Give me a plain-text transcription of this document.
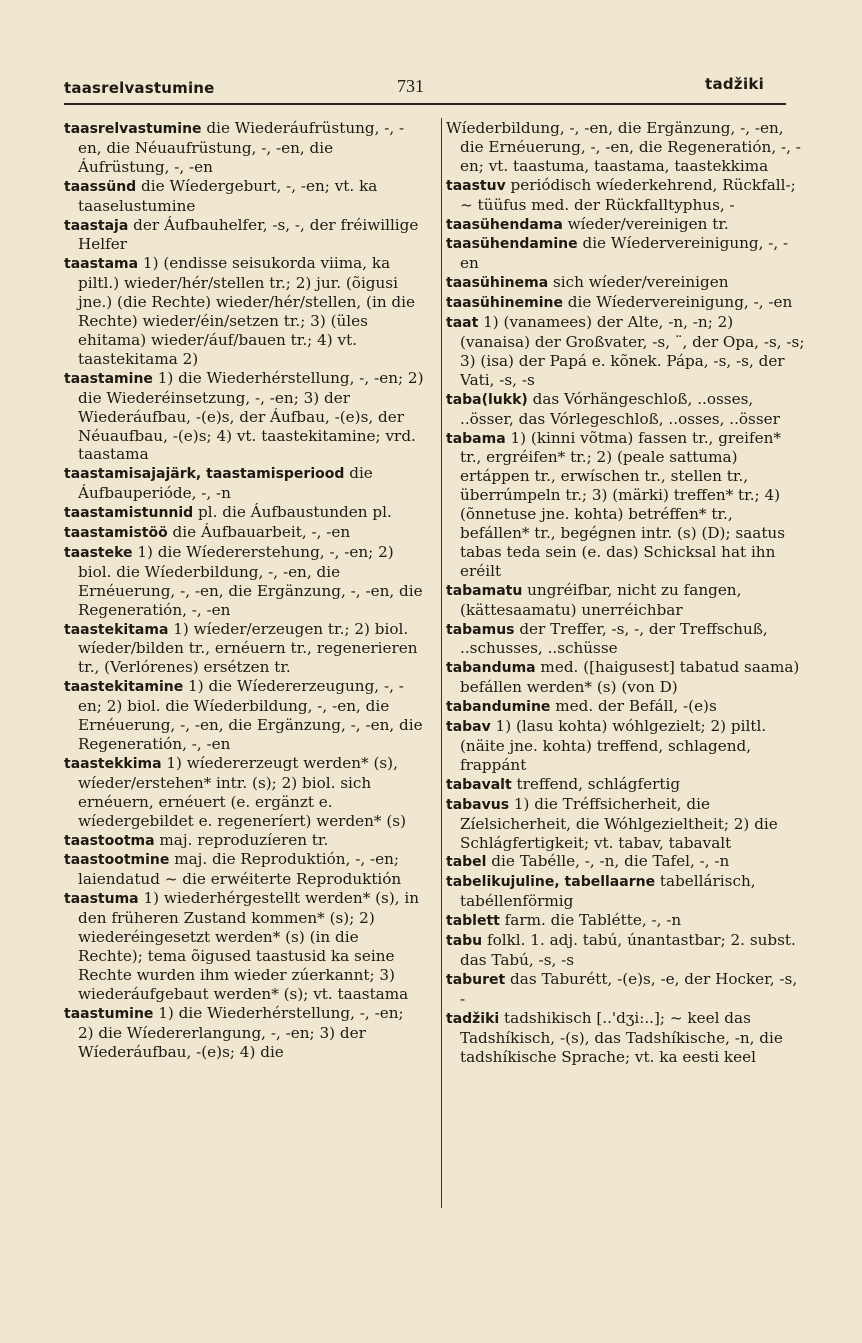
taasrelvastumine	731	tadžiki

taasrelvastumine die Wiederáufrüstung, -, -en, die Néuaufrüstung, -, -en, die Áufrüstung, -, -en

taassünd die Wíedergeburt, -, -en; vt. ka taaselustumine

taastaja der Áufbauhelfer, -s, -, der fréiwillige Helfer

taastama 1) (endisse seisukorda viima, ka piltl.) wieder/hér/stellen tr.; 2) jur. (õigusi jne.) (die Rechte) wieder/hér/stellen, (in die Rechte) wieder/éin/setzen tr.; 3) (üles ehitama) wieder/áuf/bauen tr.; 4) vt. taastekitama 2)

taastamine 1) die Wiederhérstellung, -, -en; 2) die Wiederéinsetzung, -, -en; 3) der Wiederáufbau, -(e)s, der Áufbau, -(e)s, der Néuaufbau, -(e)s; 4) vt. taastekitamine; vrd. taastama

taastamisajajärk, taastamisperiood die Áufbauperióde, -, -n

taastamistunnid pl. die Áufbaustunden pl.

taastamistöö die Áufbauarbeit, -, -en

taasteke 1) die Wíedererstehung, -, -en; 2) biol. die Wíederbildung, -, -en, die Ernéuerung, -, -en, die Ergänzung, -, -en, die Regeneratión, -, -en

taastekitama 1) wíeder/erzeugen tr.; 2) biol. wíeder/bilden tr., ernéuern tr., regenerieren tr., (Verlórenes) ersétzen tr.

taastekitamine 1) die Wíedererzeugung, -, -en; 2) biol. die Wíederbildung, -, -en, die Ernéuerung, -, -en, die Ergänzung, -, -en, die Regeneratión, -, -en

taastekkima 1) wíedererzeugt werden* (s), wíeder/erstehen* intr. (s); 2) biol. sich ernéuern, ernéuert (e. ergänzt e. wíedergebildet e. regeneríert) werden* (s)

taastootma maj. reproduzíeren tr.

taastootmine maj. die Reproduktión, -, -en; laiendatud ~ die erwéiterte Reproduktión

taastuma 1) wiederhérgestellt werden* (s), in den früheren Zustand kommen* (s); 2) wiederéingesetzt werden* (s) (in die Rechte); tema õigused taastusid ka seine Rechte wurden ihm wieder zúerkannt; 3) wiederáufgebaut werden* (s); vt. taastama

taastumine 1) die Wiederhérstellung, -, -en; 2) die Wíedererlangung, -, -en; 3) der Wíederáufbau, -(e)s; 4) die

Wíederbildung, -, -en, die Ergänzung, -, -en, die Ernéuerung, -, -en, die Regeneratión, -, -en; vt. taastuma, taastama, taastekkima

taastuv periódisch wíederkehrend, Rückfall-; ~ tüüfus med. der Rückfalltyphus, -

taasühendama wíeder/vereinigen tr.

taasühendamine die Wíedervereinigung, -, -en

taasühinema sich wíeder/vereinigen

taasühinemine die Wíedervereinigung, -, -en

taat 1) (vanamees) der Alte, -n, -n; 2) (vanaisa) der Großvater, -s, ¨, der Opa, -s, -s; 3) (isa) der Papá e. kõnek. Pápa, -s, -s, der Vati, -s, -s

taba(lukk) das Vórhängeschloß, ..osses, ..össer, das Vórlegeschloß, ..osses, ..össer

tabama 1) (kinni võtma) fassen tr., greifen* tr., ergréifen* tr.; 2) (peale sattuma) ertáppen tr., erwíschen tr., stellen tr., überrúmpeln tr.; 3) (märki) treffen* tr.; 4) (õnnetuse jne. kohta) betréffen* tr., befállen* tr., begégnen intr. (s) (D); saatus tabas teda sein (e. das) Schicksal hat ihn eréilt

tabamatu ungréifbar, nicht zu fangen, (kättesaamatu) unerréichbar

tabamus der Treffer, -s, -, der Treffschuß, ..schusses, ..schüsse

tabanduma med. ([haigusest] tabatud saama) befállen werden* (s) (von D)

tabandumine med. der Befáll, -(e)s

tabav 1) (lasu kohta) wóhlgezielt; 2) piltl. (näite jne. kohta) treffend, schlagend, frappánt

tabavalt treffend, schlágfertig

tabavus 1) die Tréffsicherheit, die Zíelsicherheit, die Wóhlgezieltheit; 2) die Schlágfertigkeit; vt. tabav, tabavalt

tabel die Tabélle, -, -n, die Tafel, -, -n

tabelikujuline, tabellaarne tabellárisch, tabéllenförmig

tablett farm. die Tablétte, -, -n

tabu folkl. 1. adj. tabú, únantastbar; 2. subst. das Tabú, -s, -s

taburet das Taburétt, -(e)s, -e, der Hocker, -s, -

tadžiki tadshikisch [..'dʒi:..]; ~ keel das Tadshíkisch, -(s), das Tadshíkische, -n, die tadshíkische Sprache; vt. ka eesti keel
